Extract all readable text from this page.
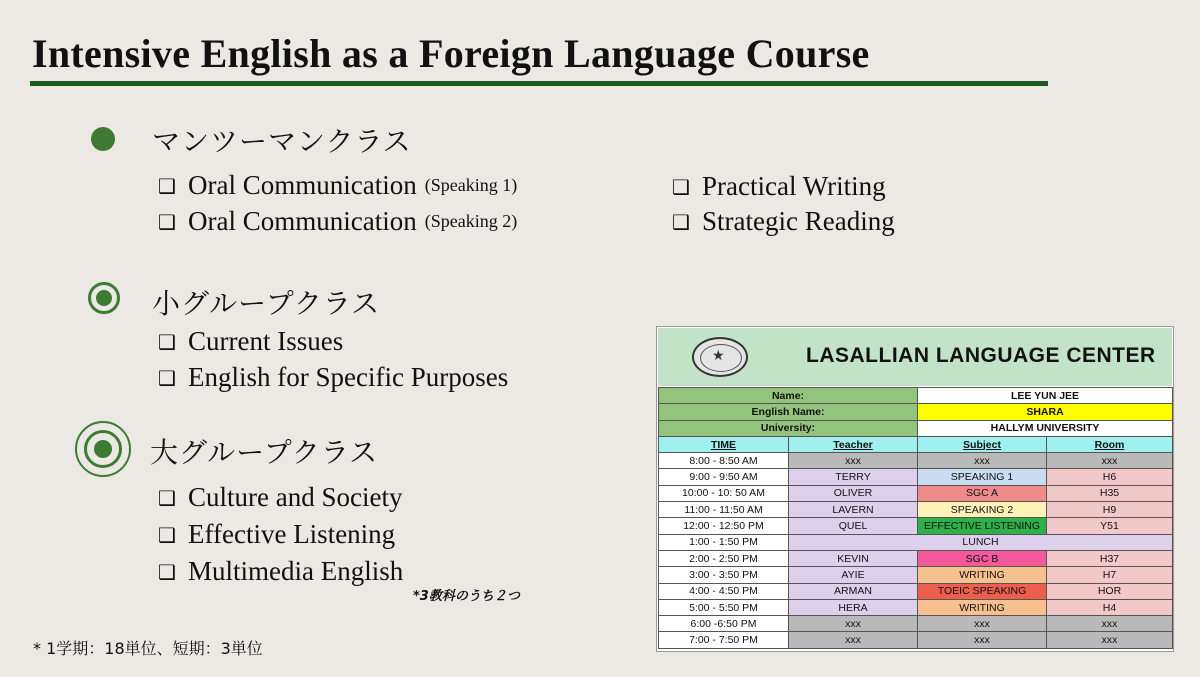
Intensive English as a Foreign Language Course
マンツーマンクラス
❑ Oral Communication (Speaking 1)
❑ Oral Communication (Speaking 2)
❑ Practical Writing
❑ Strategic Reading
小グループクラス
❑ Current Issues
❑ English for Specific Purposes
大グループクラス
❑ Culture and Society
❑ Effective Listening
❑ Multimedia English
*3教科のうち２つ
* 1学期：18単位、短期：3単位
★	LASALLIAN LANGUAGE CENTER
Name:		LEE YUN JEE	
English Name:		SHARA	
University:		HALLYM UNIVERSITY	
TIME	Teacher	Subject	Room
8:00 - 8:50 AM	xxx	xxx	xxx
9:00 - 9:50 AM	TERRY	SPEAKING 1	H6
10:00 - 10: 50 AM	OLIVER	SGC A	H35
11:00 - 11:50 AM	LAVERN	SPEAKING 2	H9
12:00 - 12:50 PM	QUEL	EFFECTIVE LISTENING	Y51
1:00 - 1:50 PM	LUNCH		
2:00 - 2:50 PM	KEVIN	SGC B	H37
3:00 - 3:50 PM	AYIE	WRITING	H7
4:00 - 4:50 PM	ARMAN	TOEIC SPEAKING	HOR
5:00 - 5:50 PM	HERA	WRITING	H4
6:00 -6:50 PM	xxx	xxx	xxx
7:00 - 7:50 PM	xxx	xxx	xxx
